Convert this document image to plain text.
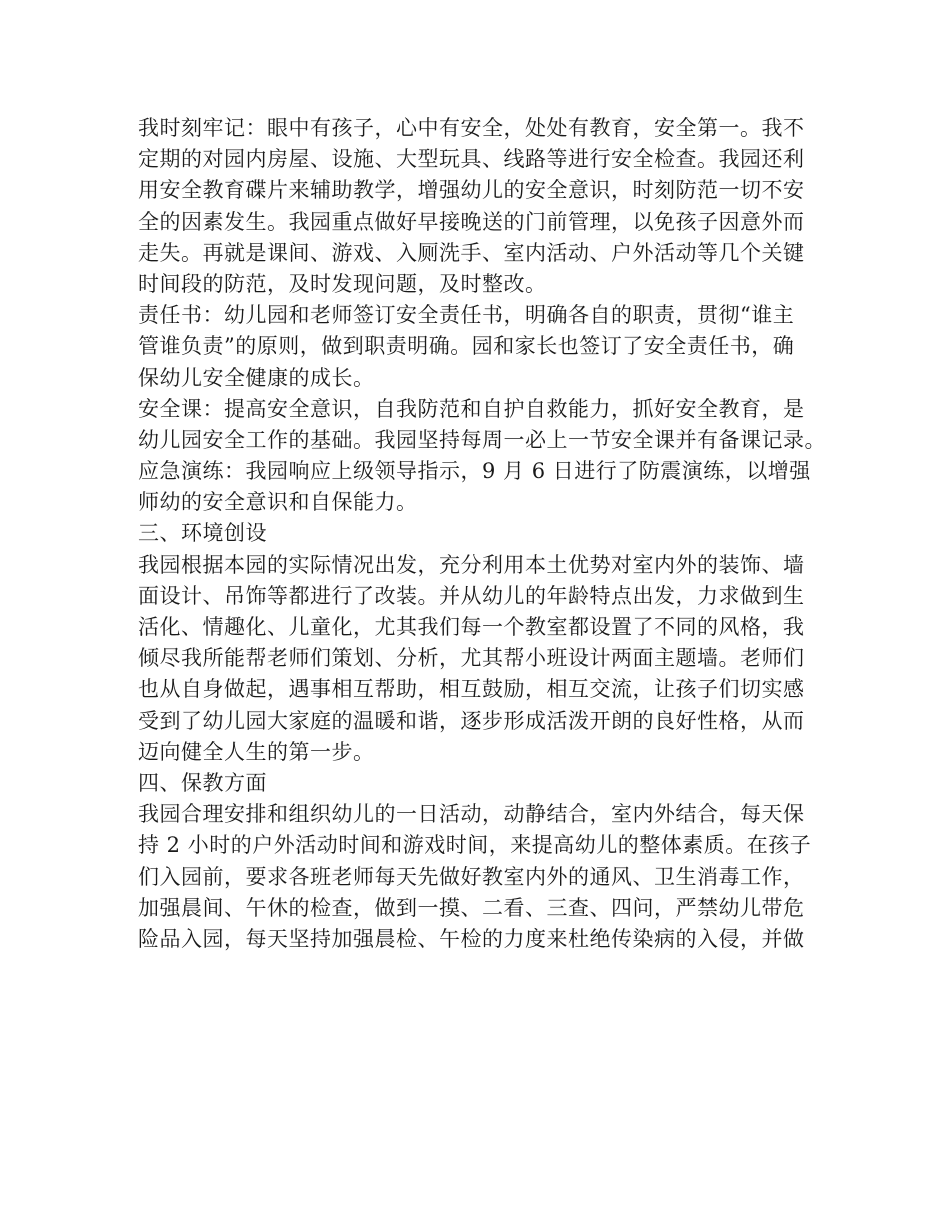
我时刻牢记：眼中有孩子，心中有安全，处处有教育，安全第一。我不
定期的对园内房屋、设施、大型玩具、线路等进行安全检查。我园还利
用安全教育碟片来辅助教学，增强幼儿的安全意识，时刻防范一切不安
全的因素发生。我园重点做好早接晚送的门前管理，以免孩子因意外而
走失。再就是课间、游戏、入厕洗手、室内活动、户外活动等几个关键
时间段的防范，及时发现问题，及时整改。
责任书：幼儿园和老师签订安全责任书，明确各自的职责，贯彻“谁主
管谁负责”的原则，做到职责明确。园和家长也签订了安全责任书，确
保幼儿安全健康的成长。
安全课：提高安全意识，自我防范和自护自救能力，抓好安全教育，是
幼儿园安全工作的基础。我园坚持每周一必上一节安全课并有备课记录。
应急演练：我园响应上级领导指示，9 月 6 日进行了防震演练，以增强
师幼的安全意识和自保能力。
三、环境创设
我园根据本园的实际情况出发，充分利用本土优势对室内外的装饰、墙
面设计、吊饰等都进行了改装。并从幼儿的年龄特点出发，力求做到生
活化、情趣化、儿童化，尤其我们每一个教室都设置了不同的风格，我
倾尽我所能帮老师们策划、分析，尤其帮小班设计两面主题墙。老师们
也从自身做起，遇事相互帮助，相互鼓励，相互交流，让孩子们切实感
受到了幼儿园大家庭的温暖和谐，逐步形成活泼开朗的良好性格，从而
迈向健全人生的第一步。
四、保教方面
我园合理安排和组织幼儿的一日活动，动静结合，室内外结合，每天保
持 2 小时的户外活动时间和游戏时间，来提高幼儿的整体素质。在孩子
们入园前，要求各班老师每天先做好教室内外的通风、卫生消毒工作，
加强晨间、午休的检查，做到一摸、二看、三查、四问，严禁幼儿带危
险品入园，每天坚持加强晨检、午检的力度来杜绝传染病的入侵，并做
